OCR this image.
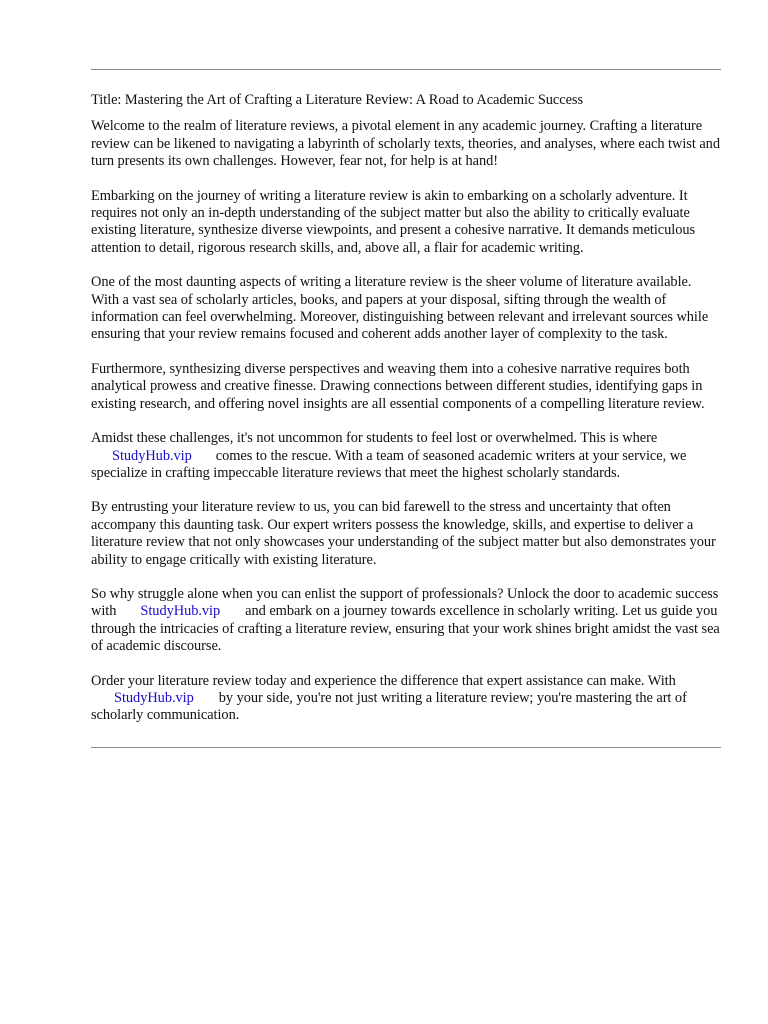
Title: Mastering the Art of Crafting a Literature Review: A Road to Academic Success

Welcome to the realm of literature reviews, a pivotal element in any academic journey. Crafting a literature review can be likened to navigating a labyrinth of scholarly texts, theories, and analyses, where each twist and turn presents its own challenges. However, fear not, for help is at hand!

Embarking on the journey of writing a literature review is akin to embarking on a scholarly adventure. It requires not only an in-depth understanding of the subject matter but also the ability to critically evaluate existing literature, synthesize diverse viewpoints, and present a cohesive narrative. It demands meticulous attention to detail, rigorous research skills, and, above all, a flair for academic writing.

One of the most daunting aspects of writing a literature review is the sheer volume of literature available. With a vast sea of scholarly articles, books, and papers at your disposal, sifting through the wealth of information can feel overwhelming. Moreover, distinguishing between relevant and irrelevant sources while ensuring that your review remains focused and coherent adds another layer of complexity to the task.

Furthermore, synthesizing diverse perspectives and weaving them into a cohesive narrative requires both analytical prowess and creative finesse. Drawing connections between different studies, identifying gaps in existing research, and offering novel insights are all essential components of a compelling literature review.

Amidst these challenges, it's not uncommon for students to feel lost or overwhelmed. This is where
StudyHub.vip comes to the rescue. With a team of seasoned academic writers at your service, we specialize in crafting impeccable literature reviews that meet the highest scholarly standards.

By entrusting your literature review to us, you can bid farewell to the stress and uncertainty that often accompany this daunting task. Our expert writers possess the knowledge, skills, and expertise to deliver a literature review that not only showcases your understanding of the subject matter but also demonstrates your ability to engage critically with existing literature.

So why struggle alone when you can enlist the support of professionals? Unlock the door to academic success with StudyHub.vip and embark on a journey towards excellence in scholarly writing. Let us guide you through the intricacies of crafting a literature review, ensuring that your work shines bright amidst the vast sea of academic discourse.

Order your literature review today and experience the difference that expert assistance can make. WithStudyHub.vip by your side, you're not just writing a literature review; you're mastering the art of scholarly communication.
